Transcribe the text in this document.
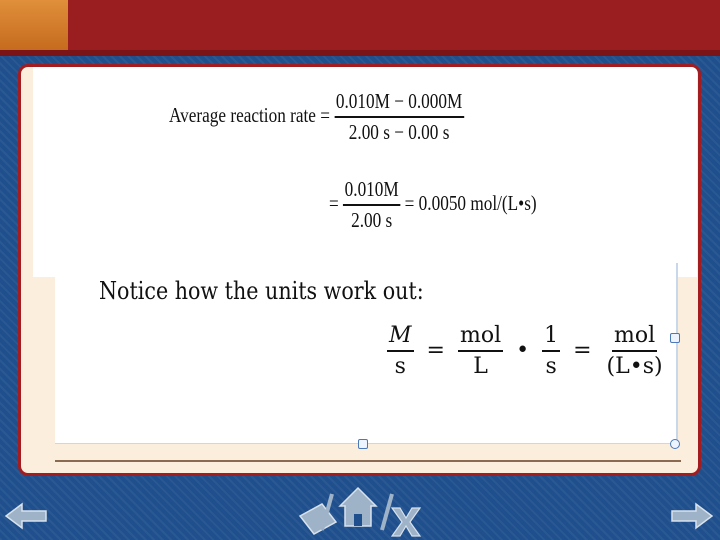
Average reaction rate = $\frac{0.010M - 0.000M}{2.00 s - 0.00 s}$
= $\frac{0.010M}{2.00 s} = 0.0050$ mol/(L•s)
Notice how the units work out:
$\frac{M}{s} = \frac{\text{mol}}{L}$ • $\frac{1}{s} = \frac{\text{mol}}{(L•s)}$
